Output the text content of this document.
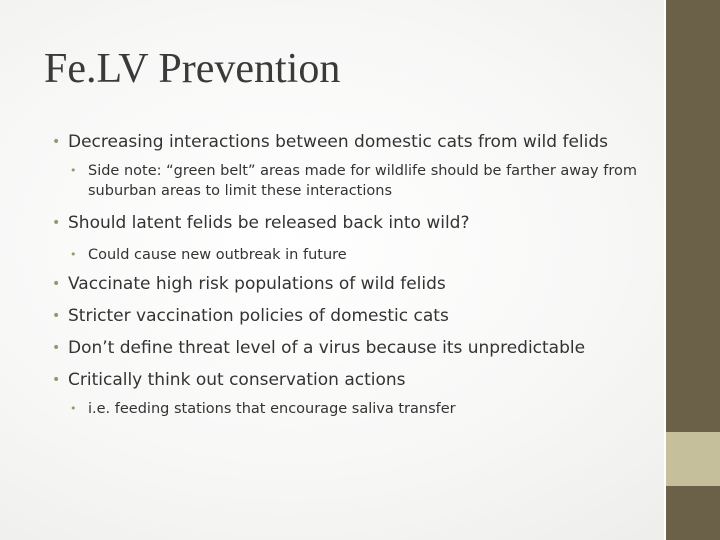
Fe.LV Prevention
• Decreasing interactions between domestic cats from wild felids
• Side note: “green belt” areas made for wildlife should be farther away from suburban areas to limit these interactions
• Should latent felids be released back into wild?
• Could cause new outbreak in future
• Vaccinate high risk populations of wild felids
• Stricter vaccination policies of domestic cats
• Don’t define threat level of a virus because its unpredictable
• Critically think out conservation actions
• i.e. feeding stations that encourage saliva transfer
